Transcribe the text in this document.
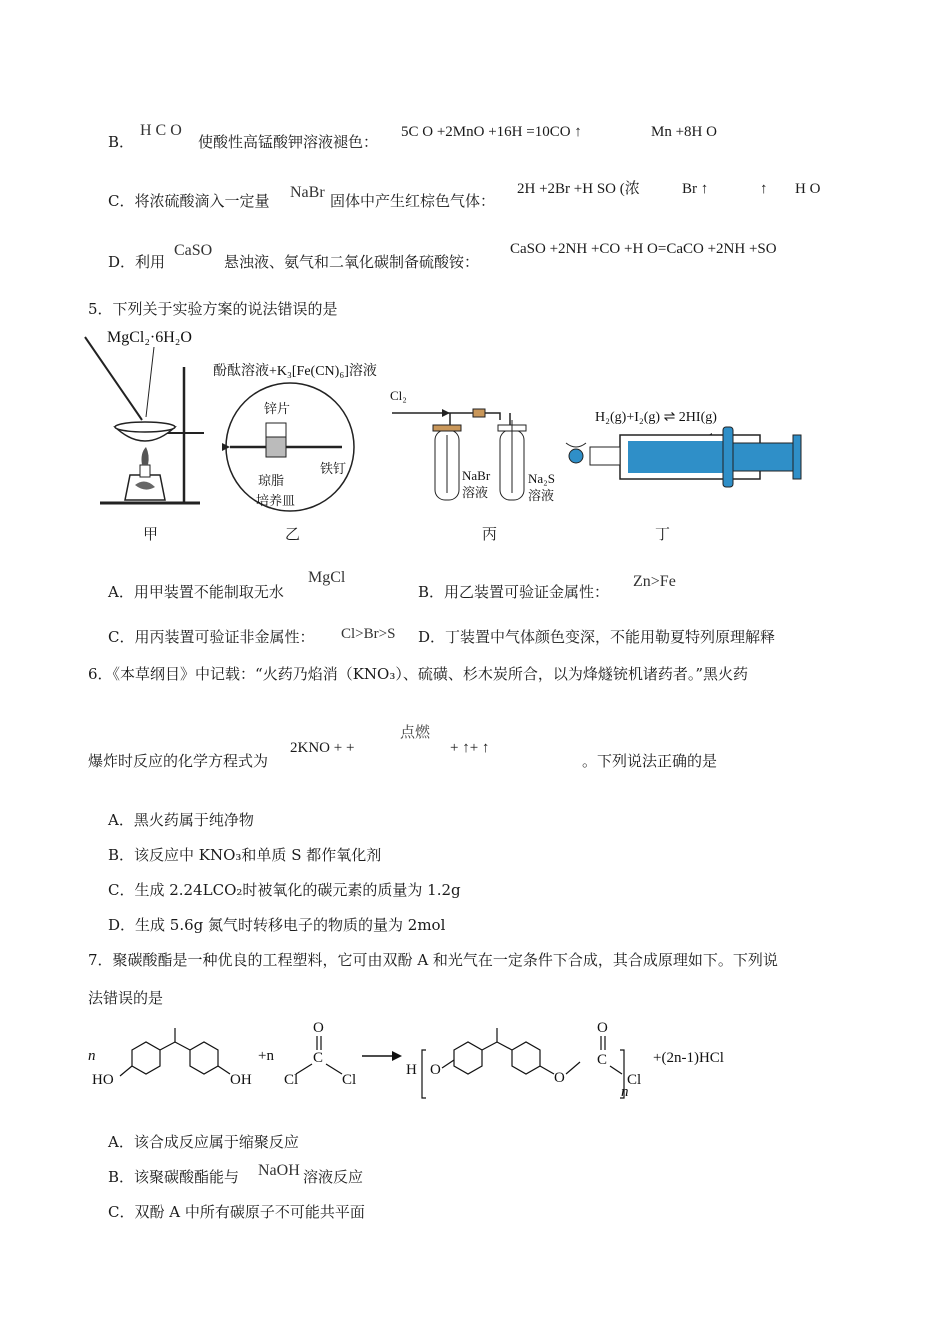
B．
H C O
使酸性高锰酸钾溶液褪色：
5C O +2MnO +16H =10CO ↑	Mn +8H O
C．将浓硫酸滴入一定量 NaBr 固体中产生红棕色气体：
2H +2Br +H SO (浓	Br ↑	↑ H O
D．利用
CaSO
悬浊液、氨气和二氧化碳制备硫酸铵：
CaSO +2NH +CO +H O=CaCO +2NH +SO
5．下列关于实验方案的说法错误的是
MgCl₂·6H₂O
酚酞溶液+K₃[Fe(CN)₆]溶液
锌片
琼脂
铁钉
培养皿
Cl₂
NaBr
溶液
Na₂S
溶液
H₂(g)+I₂(g) ⇌ 2HI(g)
甲	乙	丙	丁
A．用甲装置不能制取无水
MgCl
B．用乙装置可验证金属性：
Zn>Fe
C．用丙装置可验证非金属性： Cl>Br>S D．丁装置中气体颜色变深，不能用勒夏特列原理解释
6．《本草纲目》中记载：“火药乃焰消（KNO₃）、硫磺、杉木炭所合，以为烽燧铳机诸药者。”黑火药
爆炸时反应的化学方程式为
点燃
2KNO + +	+ ↑+ ↑
。下列说法正确的是
A．黑火药属于纯净物
B．该反应中 KNO₃和单质 S 都作氧化剂
C．生成 2.24LCO₂时被氧化的碳元素的质量为 1.2g
D．生成 5.6g 氮气时转移电子的物质的量为 2mol
7．聚碳酸酯是一种优良的工程塑料，它可由双酚 A 和光气在一定条件下合成，其合成原理如下。下列说
法错误的是
n
HO	OH
+n
O
C
Cl	Cl
H O	O
O
C
Cl
n
+(2n-1)HCl
A．该合成反应属于缩聚反应
B．该聚碳酸酯能与 NaOH 溶液反应
C．双酚 A 中所有碳原子不可能共平面
